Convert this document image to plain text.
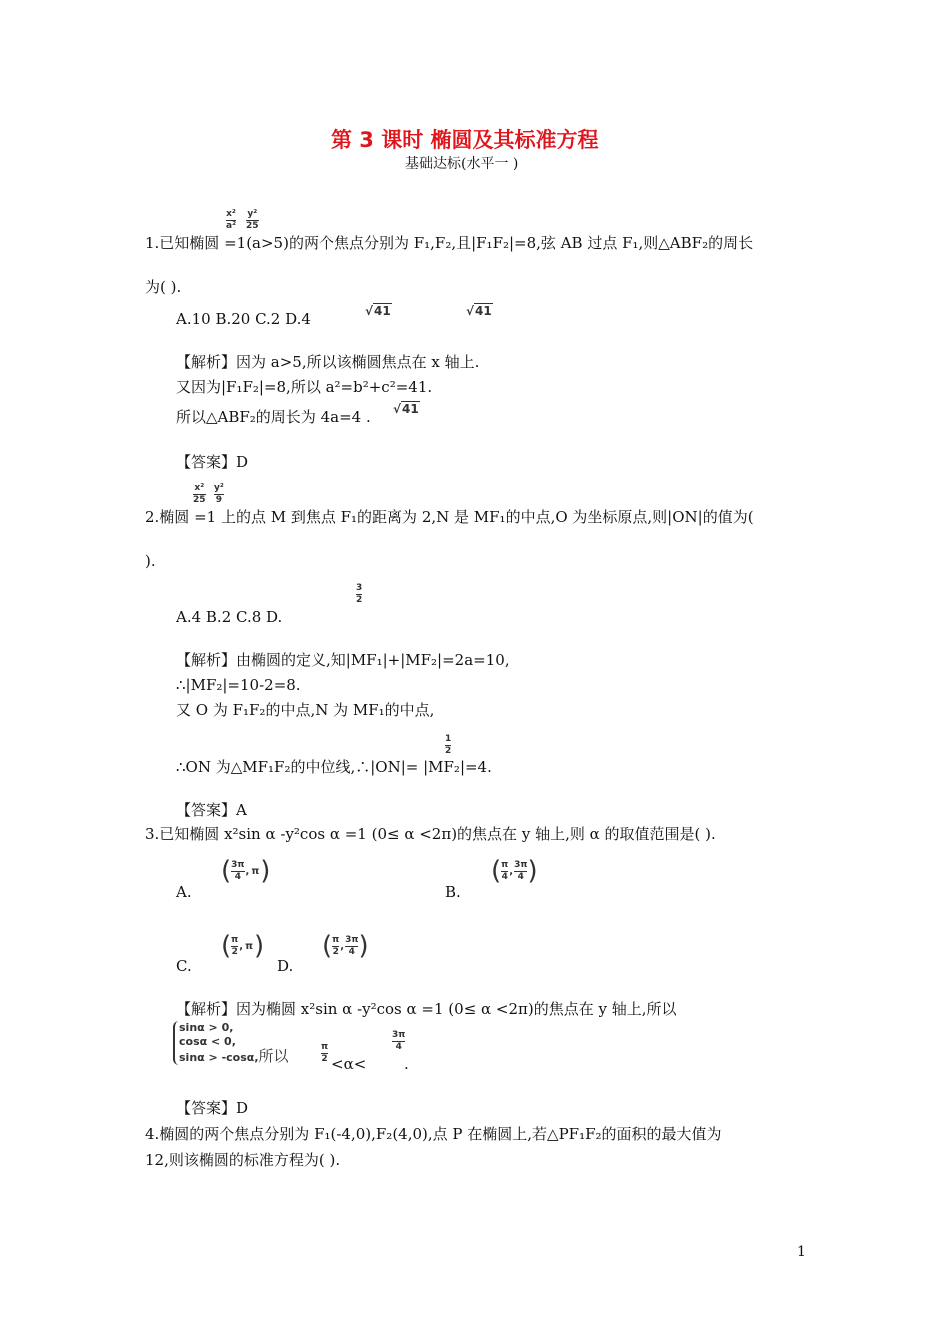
第 3 课时 椭圆及其标准方程
基础达标(水平一 )
x²
a²
y²
25
1.已知椭圆 =1(a>5)的两个焦点分别为 F₁,F₂,且|F₁F₂|=8,弦 AB 过点 F₁,则△ABF₂的周长
为( ).
A.10 B.20 C.2 D.4	√41	√41
【解析】因为 a>5,所以该椭圆焦点在 x 轴上.
又因为|F₁F₂|=8,所以 a²=b²+c²=41.
所以△ABF₂的周长为 4a=4 . √41
【答案】D
x²
25
y²
9
2.椭圆 =1 上的点 M 到焦点 F₁的距离为 2,N 是 MF₁的中点,O 为坐标原点,则|ON|的值为(
).
3
2
A.4 B.2 C.8 D.
【解析】由椭圆的定义,知|MF₁|+|MF₂|=2a=10,
∴|MF₂|=10-2=8.
又 O 为 F₁F₂的中点,N 为 MF₁的中点,
1
2
∴ON 为△MF₁F₂的中位线,∴|ON|= |MF₂|=4.
【答案】A
3.已知椭圆 x²sin α -y²cos α =1 (0≤ α <2π)的焦点在 y 轴上,则 α 的取值范围是( ).
( 3π
4 , π )
A.
( π
4 ,
3π
4 )
B.
( π
2 , π )
C.
( π
2 ,
3π
4 )
D.
【解析】因为椭圆 x²sin α -y²cos α =1 (0≤ α <2π)的焦点在 y 轴上,所以
sinα > 0,
cosα < 0,
sinα > -cosα,所以	π
2 <α<
3π
4
.
【答案】D
4.椭圆的两个焦点分别为 F₁(-4,0),F₂(4,0),点 P 在椭圆上,若△PF₁F₂的面积的最大值为
12,则该椭圆的标准方程为( ).
1
